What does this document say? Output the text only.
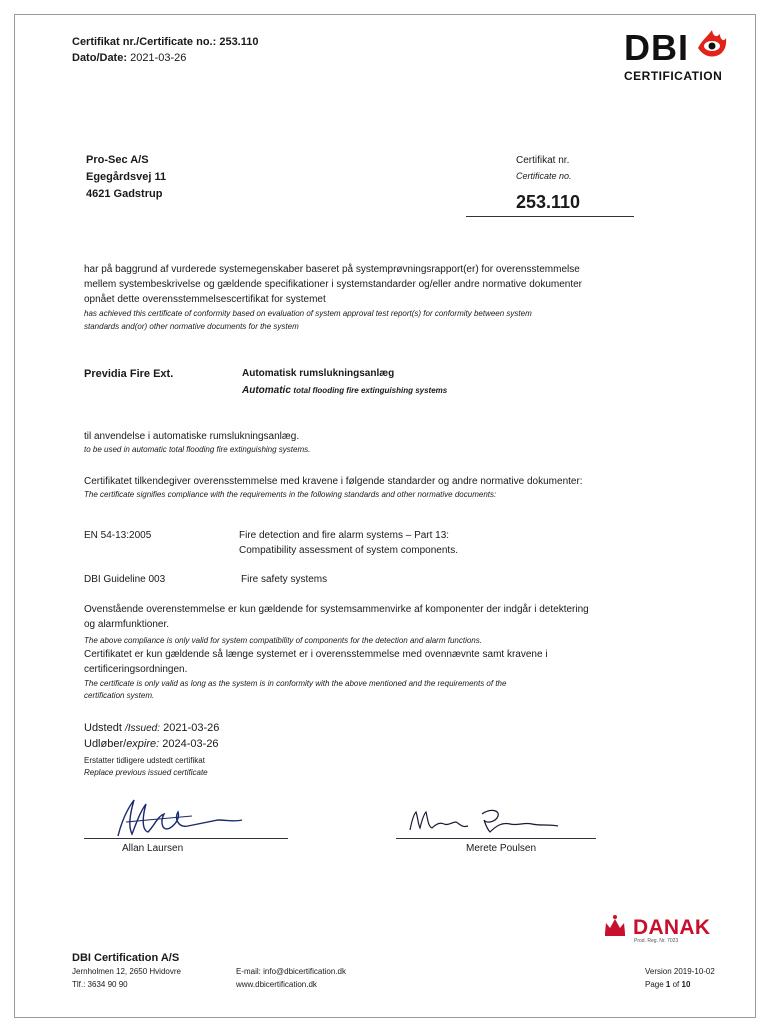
Certifikat nr./Certificate no.: 253.110
Dato/Date: 2021-03-26	DBI
CERTIFICATION
Pro-Sec A/S
Egegårdsvej 11
4621 Gadstrup
Certifikat nr.
Certificate no.
253.110
har på baggrund af vurderede systemegenskaber baseret på systemprøvningsrapport(er) for overensstemmelse
mellem systembeskrivelse og gældende specifikationer i systemstandarder og/eller andre normative dokumenter
opnået dette overensstemmelsescertifikat for systemet
has achieved this certificate of conformity based on evaluation of system approval test report(s) for conformity between system
standards and(or) other normative documents for the system
Previdia Fire Ext.	Automatisk rumslukningsanlæg
Automatic total flooding fire extinguishing systems
til anvendelse i automatiske rumslukningsanlæg.
to be used in automatic total flooding fire extinguishing systems.
Certifikatet tilkendegiver overensstemmelse med kravene i følgende standarder og andre normative dokumenter:
The certificate signifies compliance with the requirements in the following standards and other normative documents:
EN 54-13:2005	Fire detection and fire alarm systems – Part 13:
Compatibility assessment of system components.
DBI Guideline 003	Fire safety systems
Ovenstående overenstemmelse er kun gældende for systemsammenvirke af komponenter der indgår i detektering
og alarmfunktioner.
The above compliance is only valid for system compatibility of components for the detection and alarm functions.
Certifikatet er kun gældende så længe systemet er i overensstemmelse med ovennævnte samt kravene i
certificeringsordningen.
The certificate is only valid as long as the system is in conformity with the above mentioned and the requirements of the
certification system.
Udstedt /Issued: 2021-03-26
Udløber/expire: 2024-03-26
Erstatter tidligere udstedt certifikat
Replace previous issued certificate
Allan Laursen	Merete Poulsen
DANAK
Prod. Reg. Nr. 7023
DBI Certification A/S
Jernholmen 12, 2650 Hvidovre
Tlf.: 3634 90 90
E-mail: info@dbicertification.dk
www.dbicertification.dk
Version 2019-10-02
Page 1 of 10
